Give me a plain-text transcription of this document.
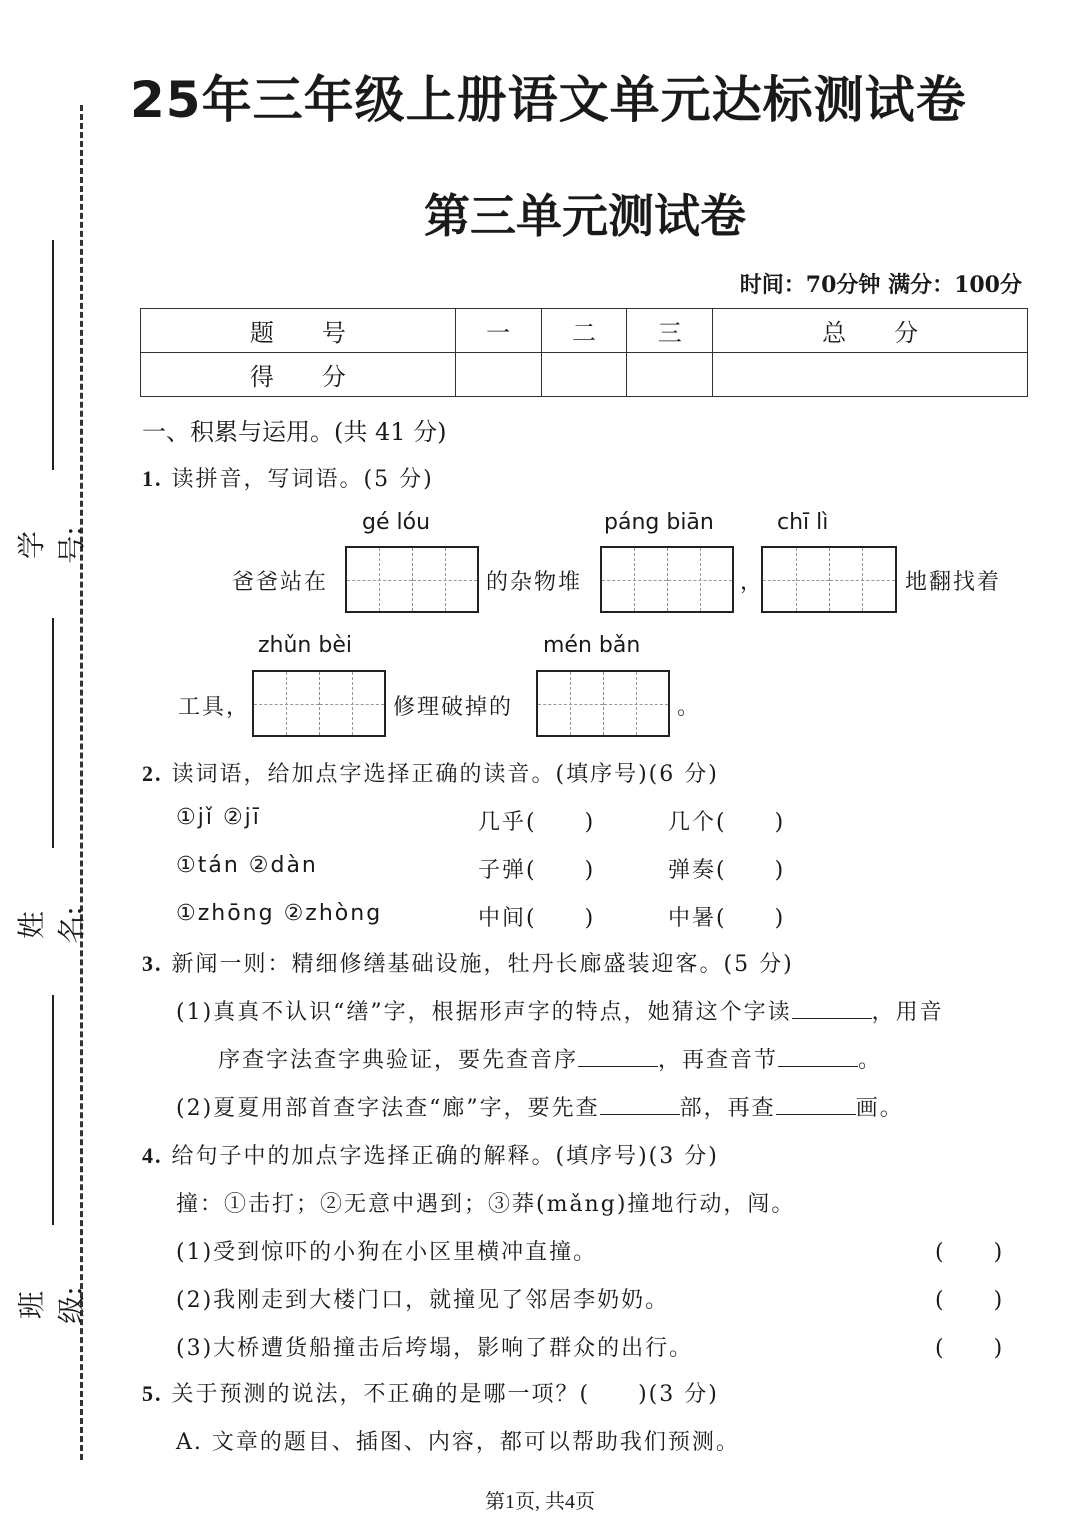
25年三年级上册语文单元达标测试卷
第三单元测试卷
时间：70分钟 满分：100分
学号:
姓名:
班级:
题　　号	一	二	三	总　　分
得　　分				
一、积累与运用。(共 41 分)
1. 读拼音，写词语。(5 分)
gé lóu	páng biān	chī lì
爸爸站在	的杂物堆	，	地翻找着
zhǔn bèi	mén bǎn
工具，	修理破掉的	。
2. 读词语，给加点字选择正确的读音。(填序号)(6 分)
①jǐ ②jī	几乎(　　)	几个(　　)
①tán ②dàn	子弹(　　)	弹奏(　　)
①zhōng ②zhòng	中间(　　)	中暑(　　)
3. 新闻一则：精细修缮基础设施，牡丹长廊盛装迎客。(5 分)
(1)真真不认识“缮”字，根据形声字的特点，她猜这个字读	，用音
序查字法查字典验证，要先查音序	，再查音节	。
(2)夏夏用部首查字法查“廊”字，要先查	部，再查	画。
4. 给句子中的加点字选择正确的解释。(填序号)(3 分)
撞：①击打；②无意中遇到；③莽(mǎng)撞地行动，闯。
(1)受到惊吓的小狗在小区里横冲直撞。	(　　)
(2)我刚走到大楼门口，就撞见了邻居李奶奶。	(　　)
(3)大桥遭货船撞击后垮塌，影响了群众的出行。	(　　)
5. 关于预测的说法，不正确的是哪一项？(　　)(3 分)
A. 文章的题目、插图、内容，都可以帮助我们预测。
第1页, 共4页
